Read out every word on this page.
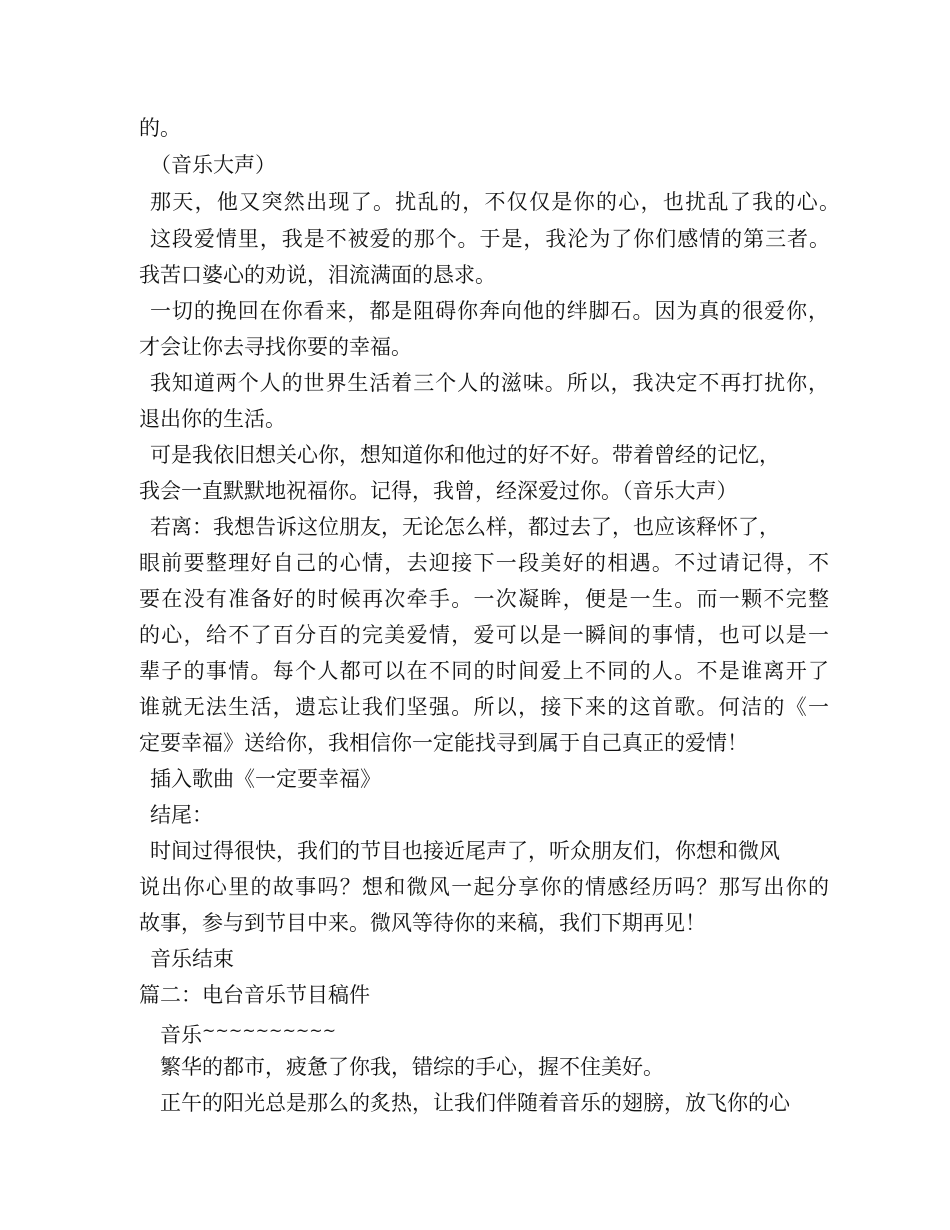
的。
（音乐大声）
那天，他又突然出现了。扰乱的，不仅仅是你的心，也扰乱了我的心。
这段爱情里，我是不被爱的那个。于是，我沦为了你们感情的第三者。
我苦口婆心的劝说，泪流满面的恳求。
一切的挽回在你看来，都是阻碍你奔向他的绊脚石。因为真的很爱你，
才会让你去寻找你要的幸福。
我知道两个人的世界生活着三个人的滋味。所以，我决定不再打扰你，
退出你的生活。
可是我依旧想关心你，想知道你和他过的好不好。带着曾经的记忆，
我会一直默默地祝福你。记得，我曾，经深爱过你。（音乐大声）
若离：我想告诉这位朋友，无论怎么样，都过去了，也应该释怀了，
眼前要整理好自己的心情，去迎接下一段美好的相遇。不过请记得，不
要在没有准备好的时候再次牵手。一次凝眸，便是一生。而一颗不完整
的心，给不了百分百的完美爱情，爱可以是一瞬间的事情，也可以是一
辈子的事情。每个人都可以在不同的时间爱上不同的人。不是谁离开了
谁就无法生活，遗忘让我们坚强。所以，接下来的这首歌。何洁的《一
定要幸福》送给你，我相信你一定能找寻到属于自己真正的爱情！
插入歌曲《一定要幸福》
结尾：
时间过得很快，我们的节目也接近尾声了，听众朋友们，你想和微风
说出你心里的故事吗？想和微风一起分享你的情感经历吗？那写出你的
故事，参与到节目中来。微风等待你的来稿，我们下期再见！
音乐结束
篇二：电台音乐节目稿件
音乐~~~~~~~~~~
繁华的都市，疲惫了你我，错综的手心，握不住美好。
正午的阳光总是那么的炙热，让我们伴随着音乐的翅膀，放飞你的心
